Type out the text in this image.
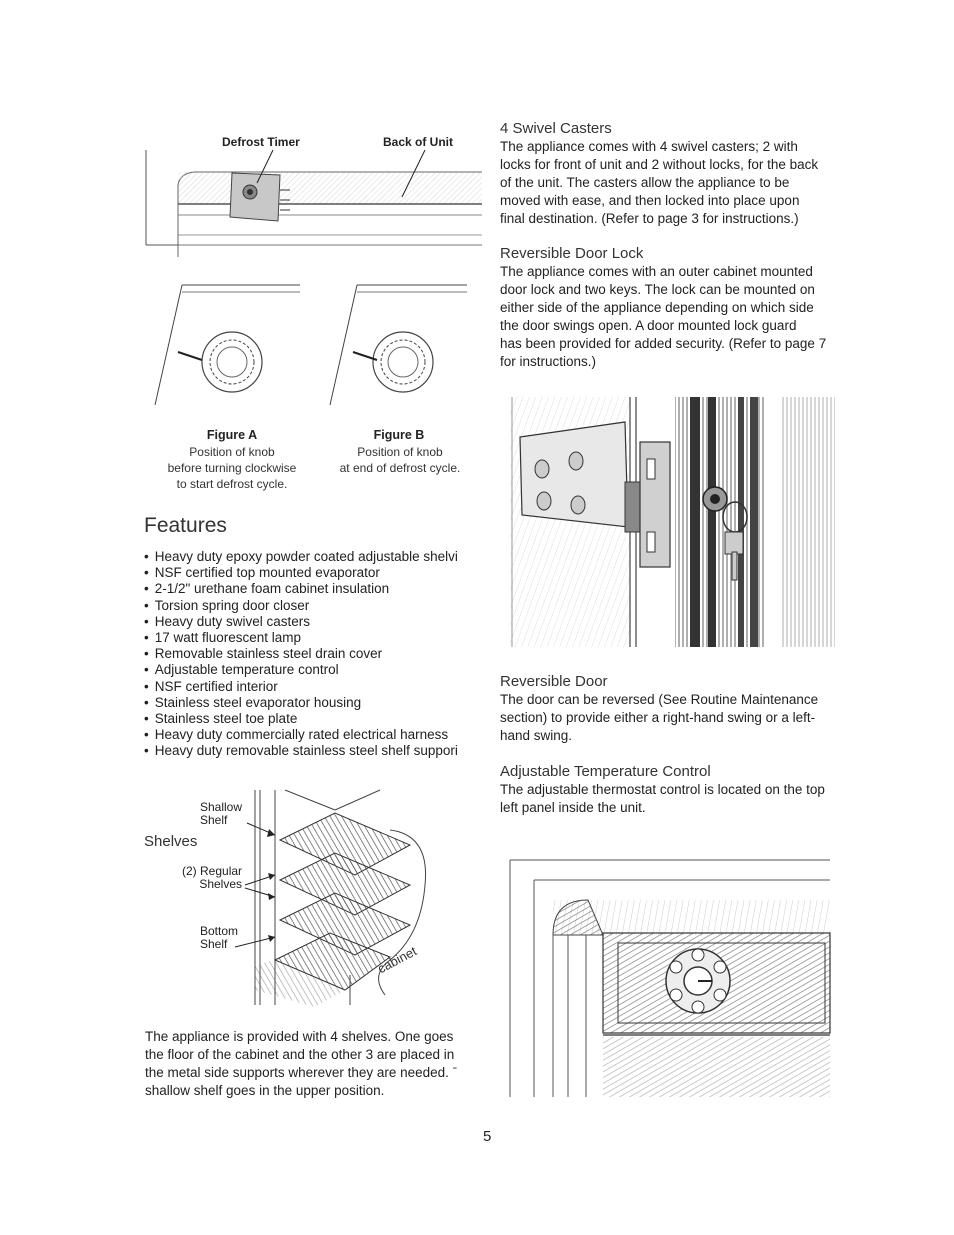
Defrost Timer	Back of Unit
Figure A
Position of knob
before turning clockwise
to start defrost cycle.
Figure B
Position of knob
at end of defrost cycle.
Features
• Heavy duty epoxy powder coated adjustable shelvi
• NSF certified top mounted evaporator
• 2-1/2" urethane foam cabinet insulation
• Torsion spring door closer
• Heavy duty swivel casters
• 17 watt fluorescent lamp
• Removable stainless steel drain cover
• Adjustable temperature control
• NSF certified interior
• Stainless steel evaporator housing
• Stainless steel toe plate
• Heavy duty commercially rated electrical harness
• Heavy duty removable stainless steel shelf suppori
Shelves
Shallow
Shelf
(2) Regular
Shelves
Bottom
Shelf	cabinet
The appliance is provided with 4 shelves. One goes
the floor of the cabinet and the other 3 are placed in
the metal side supports wherever they are needed. ˉ
shallow shelf goes in the upper position.
4 Swivel Casters
The appliance comes with 4 swivel casters; 2 with
locks for front of unit and 2 without locks, for the back
of the unit. The casters allow the appliance to be
moved with ease, and then locked into place upon
final destination. (Refer to page 3 for instructions.)
Reversible Door Lock
The appliance comes with an outer cabinet mounted
door lock and two keys. The lock can be mounted on
either side of the appliance depending on which side
the door swings open. A door mounted lock guard
has been provided for added security. (Refer to page 7
for instructions.)
Reversible Door
The door can be reversed (See Routine Maintenance
section) to provide either a right-hand swing or a left-
hand swing.
Adjustable Temperature Control
The adjustable thermostat control is located on the top
left panel inside the unit.
5
